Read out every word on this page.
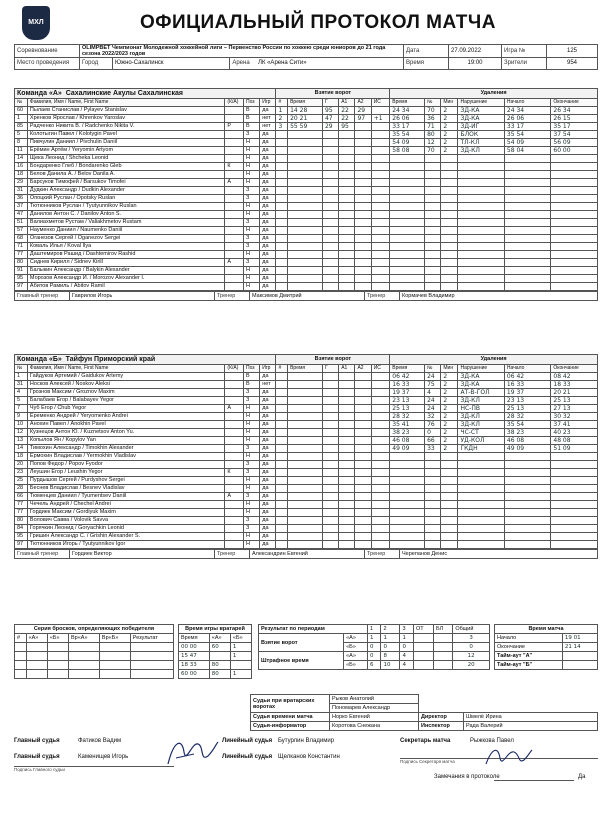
МХЛ	ОФИЦИАЛЬНЫЙ ПРОТОКОЛ МАТЧА
Соревнование	OLIMPBET Чемпионат Молодежной хоккейной лиги – Первенство России по хоккею среди юниоров до 21 года сезона 2022/2023 годов			Дата	27.09.2022	Игра №	125
Место проведения	Город	Южно-Сахалинск	Арена ЛК «Арена Сити»	Время	19:00	Зрители	954
Команда «А» Сахалинские Акулы Сахалинская					Взятие ворот						Удаления					
№	Фамилия, Имя / Name, First Name	(К/А)	Поз	Игр	#	Время	Г	А1	А2	ИС	Время	№	Мин	Нарушение	Начало	Окончание
60	Пылаев Станислав / Pylayev Stanislav		В	да	1	14 28	95	22	29		24 34	70	2	ЗД-КА	24 34	26 34
1	Хренков Ярослав / Khrenkov Yaroslav		В	нет	2	20 21	47	22	97	+1	26 06	36	2	ЗД-КА	26 06	26 15
85	Радченко Никита В. / Radchenko Nikita V.	Р	В	нет	3	55 59	29	95			33 17	71	2	ЗД-ИГ	33 17	35 17
5	Колотыгин Павел / Kolotygin Pavel		З	да							35 54	80	2	БЛОК	35 54	37 54
8	Пивчулин Даниил / Pivchulin Daniil		Н	да							54 09	12	2	ТЛ-КЛ	54 09	56 09
11	Ерёмин Артём / Yeryomin Artyom		Н	да							58 08	70	2	ЗД-КЛ	58 04	60 00
14	Щека Леонид / Shcheka Leonid		Н	да												
16	Бондаренко Глеб / Bondarenko Gleb	К	Н	да												
18	Белов Данила А. / Belov Danila A.		Н	да												
29	Барсуков Тимофей / Barsukov Timofei	А	Н	да												
31	Дудкин Александр / Dudkin Alexander		З	да												
36	Опоцкий Руслан / Opotsky Ruslan		З	да												
37	Тютюнников Руслан / Tyutyunnikov Ruslan		Н	да												
47	Данилов Антон С. / Danilov Anton S.		Н	да												
51	Валиахметов Рустам / Valiakhmetov Rustam		З	да												
57	Науменко Даниил / Naumenko Daniil		Н	да												
68	Оганезов Сергей / Oganezov Sergei		З	да												
71	Коваль Илья / Koval Ilya		З	да												
77	Даштемиров Рашид / Dashtemirov Rashid		Н	да												
80	Сиднев Кирилл / Sidnev Kirill	А	З	да												
91	Балыкин Александр / Balykin Alexander		Н	да												
95	Морозов Александр И. / Morozov Alexander I.		Н	да												
97	Абитов Рамиль / Abitov Ramil		Н	да												
Главный тренер	Гаврилов Игорь	Тренер	Максимов Дмитрий	Тренер	Кормачев Владимир
Команда «Б» Тайфун Приморский край					Взятие ворот						Удаления					
№	Фамилия, Имя / Name, First Name	(К/А)	Поз	Игр	#	Время	Г	А1	А2	ИС	Время	№	Мин	Нарушение	Начало	Окончание
1	Гайдуков Артемий / Gaidukov Artemy		В	да							06 42	24	2	ЗД-КА	06 42	08 42
31	Носков Алексей / Noskov Aleksi		В	нет							16 33	75	2	ЗД-КА	16 33	18 33
4	Грознов Максим / Groznov Maxim		З	да							19 37	4	2	АТ-В-ГОЛ	19 37	20 21
5	Балабаев Егор / Balabayev Yegor		З	да							23 13	24	2	ЗД-КЛ	23 13	25 13
7	Чуб Егор / Chub Yegor	А	Н	да							25 13	24	2	НС-ПВ	25 13	27 13
9	Еременко Андрей / Yeryomenko Andrei		Н	да							28 32	32	2	ЗД-КЛ	28 32	30 32
10	Анохин Павел / Anokhin Pavel		Н	да							35 41	76	2	ЗД-КЛ	35 54	37 41
12	Кузнецов Антон Ю. / Kuznetsov Anton Yu.		Н	да							38 23	0	2	ЧС-СТ	38 23	40 23
13	Копылов Ян / Kopylov Yan		Н	да							46 08	66	2	УД-КОЛ	46 08	48 08
14	Тимохин Александр / Timokhin Alexander		З	да							49 09	33	2	ГКДН	49 09	51 09
18	Ермохин Владислав / Yermokhin Vladislav		Н	да												
20	Попов Федор / Popov Fyodor		З	да												
23	Леушин Егор / Leushin Yegor	К	З	да												
25	Пурдышов Сергей / Purdyshov Sergei		Н	да												
28	Беснев Владислав / Besnev Vladislav		Н	да												
66	Тюменцев Даниил / Tyumentsev Daniil	А	З	да												
77	Чечель Андрей / Chechel Andrei		Н	да												
77	Гордиек Максим / Gordiyuk Maxim		Н	да												
80	Волович Савва / Volovik Savva		З	да												
84	Горячкин Леонид / Goryachkin Leonid		З	да												
95	Гришин Александр С. / Grishin Alexander S.		Н	да												
97	Тютюнников Игорь / Tyutyunnikov Igor		Н	да												
Главный тренер	Гордиек Виктор	Тренер	Александрин Евгений	Тренер	Черепанов Денис
Серия бросков, определяющих победителя					
#	«А»	«Б»	Вр«А»	Вр«Б»	Результат

Время игры вратарей		
Время	«А»	«Б»
00 00	60	1
15 47		1
18 33	80	
60 00	80	1
Результат по периодам		1	2	3	ОТ	БЛ	Общий
Взятие ворот	«А»	1	1	1			3
	«Б»	0	0	0			0
Штрафное время	«А»	0	8	4			12
	«Б»	6	10	4			20
Время матча	
Начало	19 01
Окончание	21 14
Тайм-аут "А"	
Тайм-аут "Б"	
Судьи при вратарских воротах	Рыков Анатолий		
	Пономарев Александр		
Судья времени матча	Норко Евгений	Директор	Шмелё Ирина
Судья-информатор	Коротова Снежана	Инспектор	Рада Валерий
Главный судья	Фатиков Вадим
Главный судья	Каменищев Игорь
Подпись Главного судьи
Линейный судья Бутурлин Владимир
Линейный судья Щелканов Константин
Секретарь матча	Рыжкова Павел
Подпись Секретаря матча
Замечания в протоколе	Да
